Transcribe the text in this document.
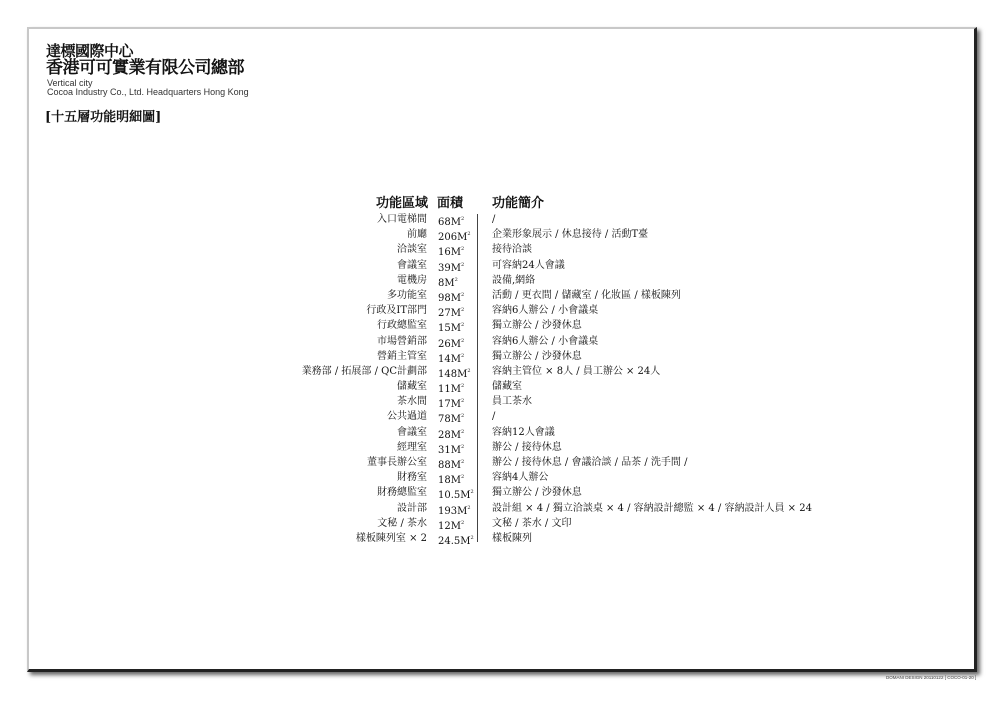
達標國際中心
香港可可實業有限公司總部
Vertical city
Cocoa Industry Co., Ltd. Headquarters Hong Kong
[十五層功能明細圖]
功能區域 面積 功能簡介
入口電梯間 $68M^2$	/
前廳 $206M^2$ 企業形象展示 / 休息接待 / 活動T臺
洽談室 $16M^2$	接待洽談
會議室 $39M^2$	可容納24人會議
電機房 $8M^2$	設備,網絡
多功能室 $98M^2$	活動 / 更衣間 / 儲藏室 / 化妝區 / 樣板陳列
行政及IT部門 $27M^2$	容納6人辦公 / 小會議桌
行政總監室 $15M^2$	獨立辦公 / 沙發休息
市場營銷部 $26M^2$	容納6人辦公 / 小會議桌
營銷主管室 $14M^2$	獨立辦公 / 沙發休息
業務部 / 拓展部 / QC計劃部 $148M^2$ 容納主管位 × 8人 / 員工辦公 × 24人
儲藏室 $11M^2$	儲藏室
茶水間 $17M^2$	員工茶水
公共過道 $78M^2$	/
會議室 $28M^2$	容納12人會議
經理室 $31M^2$	辦公 / 接待休息
董事長辦公室 $88M^2$	辦公 / 接待休息 / 會議洽談 / 品茶 / 洗手間 /
財務室 $18M^2$	容納4人辦公
財務總監室 $10.5M^2$ 獨立辦公 / 沙發休息
設計部 $193M^2$ 設計組 × 4 / 獨立洽談桌 × 4 / 容納設計總監 × 4 / 容納設計人員 × 24
文秘 / 茶水 $12M^2$	文秘 / 茶水 / 文印
樣板陳列室 × 2 $24.5M^2$ 樣板陳列
DOMANI DESIGN 20110122 [ COCO-01-20 ]
